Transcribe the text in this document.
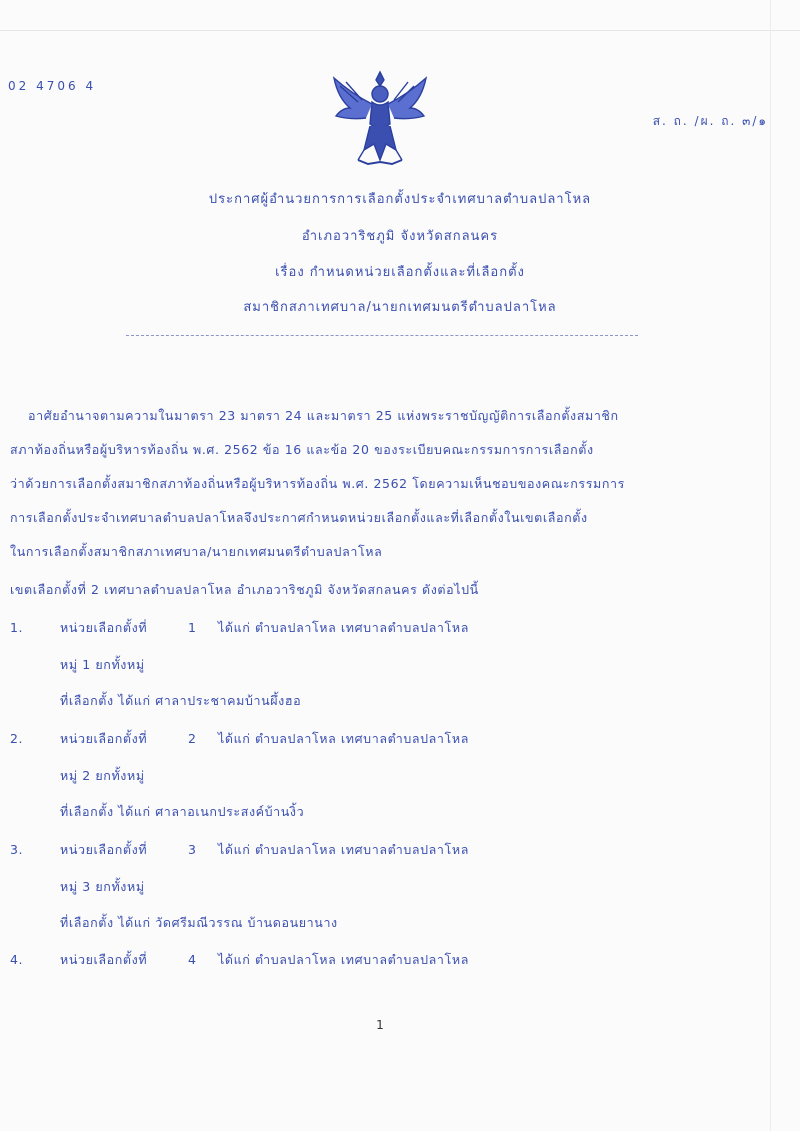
02 4706 4
ส. ถ. /ผ. ถ. ๓/๑
ประกาศผู้อำนวยการการเลือกตั้งประจำเทศบาลตำบลปลาโหล
อำเภอวาริชภูมิ จังหวัดสกลนคร
เรื่อง กำหนดหน่วยเลือกตั้งและที่เลือกตั้ง
สมาชิกสภาเทศบาล/นายกเทศมนตรีตำบลปลาโหล
อาศัยอำนาจตามความในมาตรา 23 มาตรา 24 และมาตรา 25 แห่งพระราชบัญญัติการเลือกตั้งสมาชิก
สภาท้องถิ่นหรือผู้บริหารท้องถิ่น พ.ศ. 2562 ข้อ 16 และข้อ 20 ของระเบียบคณะกรรมการการเลือกตั้ง
ว่าด้วยการเลือกตั้งสมาชิกสภาท้องถิ่นหรือผู้บริหารท้องถิ่น พ.ศ. 2562 โดยความเห็นชอบของคณะกรรมการ
การเลือกตั้งประจำเทศบาลตำบลปลาโหลจึงประกาศกำหนดหน่วยเลือกตั้งและที่เลือกตั้งในเขตเลือกตั้ง
ในการเลือกตั้งสมาชิกสภาเทศบาล/นายกเทศมนตรีตำบลปลาโหล
เขตเลือกตั้งที่ 2 เทศบาลตำบลปลาโหล อำเภอวาริชภูมิ จังหวัดสกลนคร ดังต่อไปนี้
1.	หน่วยเลือกตั้งที่	1 ได้แก่ ตำบลปลาโหล เทศบาลตำบลปลาโหล
หมู่ 1 ยกทั้งหมู่
ที่เลือกตั้ง ได้แก่ ศาลาประชาคมบ้านผึ้งฮอ
2.	หน่วยเลือกตั้งที่	2 ได้แก่ ตำบลปลาโหล เทศบาลตำบลปลาโหล
หมู่ 2 ยกทั้งหมู่
ที่เลือกตั้ง ได้แก่ ศาลาอเนกประสงค์บ้านงิ้ว
3.	หน่วยเลือกตั้งที่	3 ได้แก่ ตำบลปลาโหล เทศบาลตำบลปลาโหล
หมู่ 3 ยกทั้งหมู่
ที่เลือกตั้ง ได้แก่ วัดศรีมณีวรรณ บ้านดอนยานาง
4.	หน่วยเลือกตั้งที่	4 ได้แก่ ตำบลปลาโหล เทศบาลตำบลปลาโหล
1
